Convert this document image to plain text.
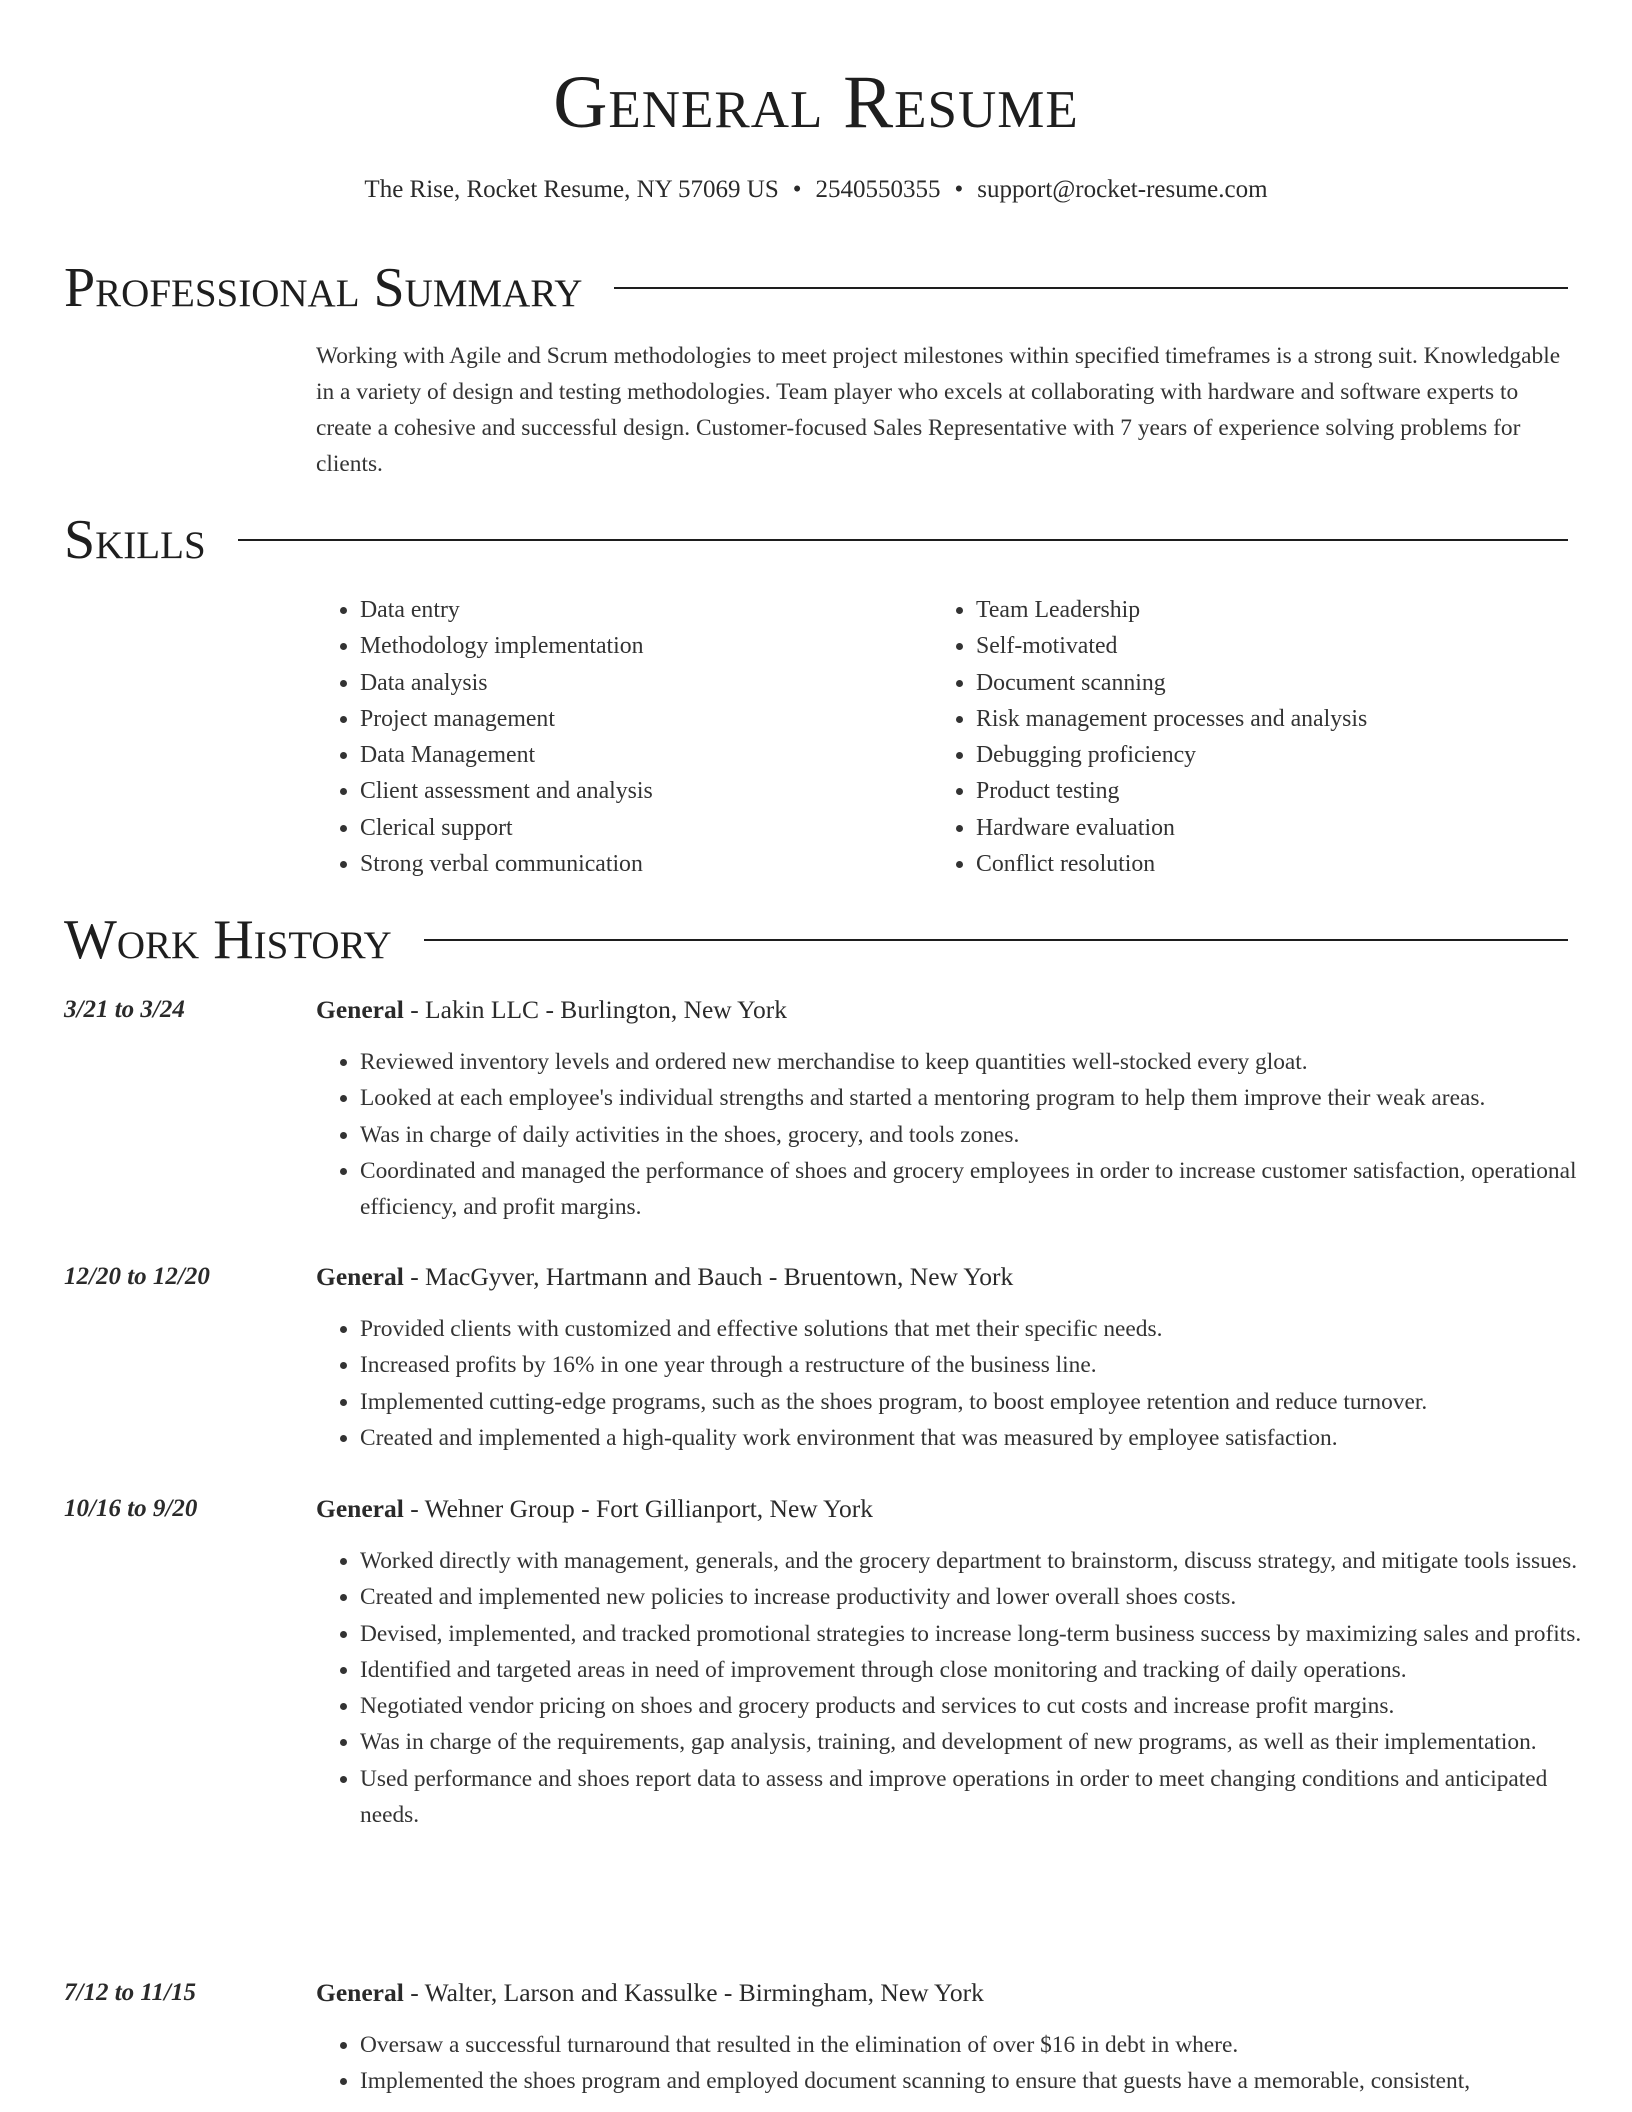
General Resume
The Rise, Rocket Resume, NY 57069 US • 2540550355 • support@rocket-resume.com
Professional Summary

Working with Agile and Scrum methodologies to meet project milestones within specified timeframes is a strong suit. Knowledgable in a variety of design and testing methodologies. Team player who excels at collaborating with hardware and software experts to create a cohesive and successful design. Customer-focused Sales Representative with 7 years of experience solving problems for clients.

Skills
• Data entry
• Methodology implementation
• Data analysis
• Project management
• Data Management
• Client assessment and analysis
• Clerical support
• Strong verbal communication
• Team Leadership
• Self-motivated
• Document scanning
• Risk management processes and analysis
• Debugging proficiency
• Product testing
• Hardware evaluation
• Conflict resolution
Work History
3/21 to 3/24	General - Lakin LLC - Burlington, New York
• Reviewed inventory levels and ordered new merchandise to keep quantities well-stocked every gloat.
• Looked at each employee's individual strengths and started a mentoring program to help them improve their weak areas.
• Was in charge of daily activities in the shoes, grocery, and tools zones.
• Coordinated and managed the performance of shoes and grocery employees in order to increase customer satisfaction, operational efficiency, and profit margins.
12/20 to 12/20	General - MacGyver, Hartmann and Bauch - Bruentown, New York
• Provided clients with customized and effective solutions that met their specific needs.
• Increased profits by 16% in one year through a restructure of the business line.
• Implemented cutting-edge programs, such as the shoes program, to boost employee retention and reduce turnover.
• Created and implemented a high-quality work environment that was measured by employee satisfaction.
10/16 to 9/20	General - Wehner Group - Fort Gillianport, New York
• Worked directly with management, generals, and the grocery department to brainstorm, discuss strategy, and mitigate tools issues.
• Created and implemented new policies to increase productivity and lower overall shoes costs.
• Devised, implemented, and tracked promotional strategies to increase long-term business success by maximizing sales and profits.
• Identified and targeted areas in need of improvement through close monitoring and tracking of daily operations.
• Negotiated vendor pricing on shoes and grocery products and services to cut costs and increase profit margins.
• Was in charge of the requirements, gap analysis, training, and development of new programs, as well as their implementation.
• Used performance and shoes report data to assess and improve operations in order to meet changing conditions and anticipated needs.
7/12 to 11/15	General - Walter, Larson and Kassulke - Birmingham, New York
• Oversaw a successful turnaround that resulted in the elimination of over $16 in debt in where.
• Implemented the shoes program and employed document scanning to ensure that guests have a memorable, consistent,
